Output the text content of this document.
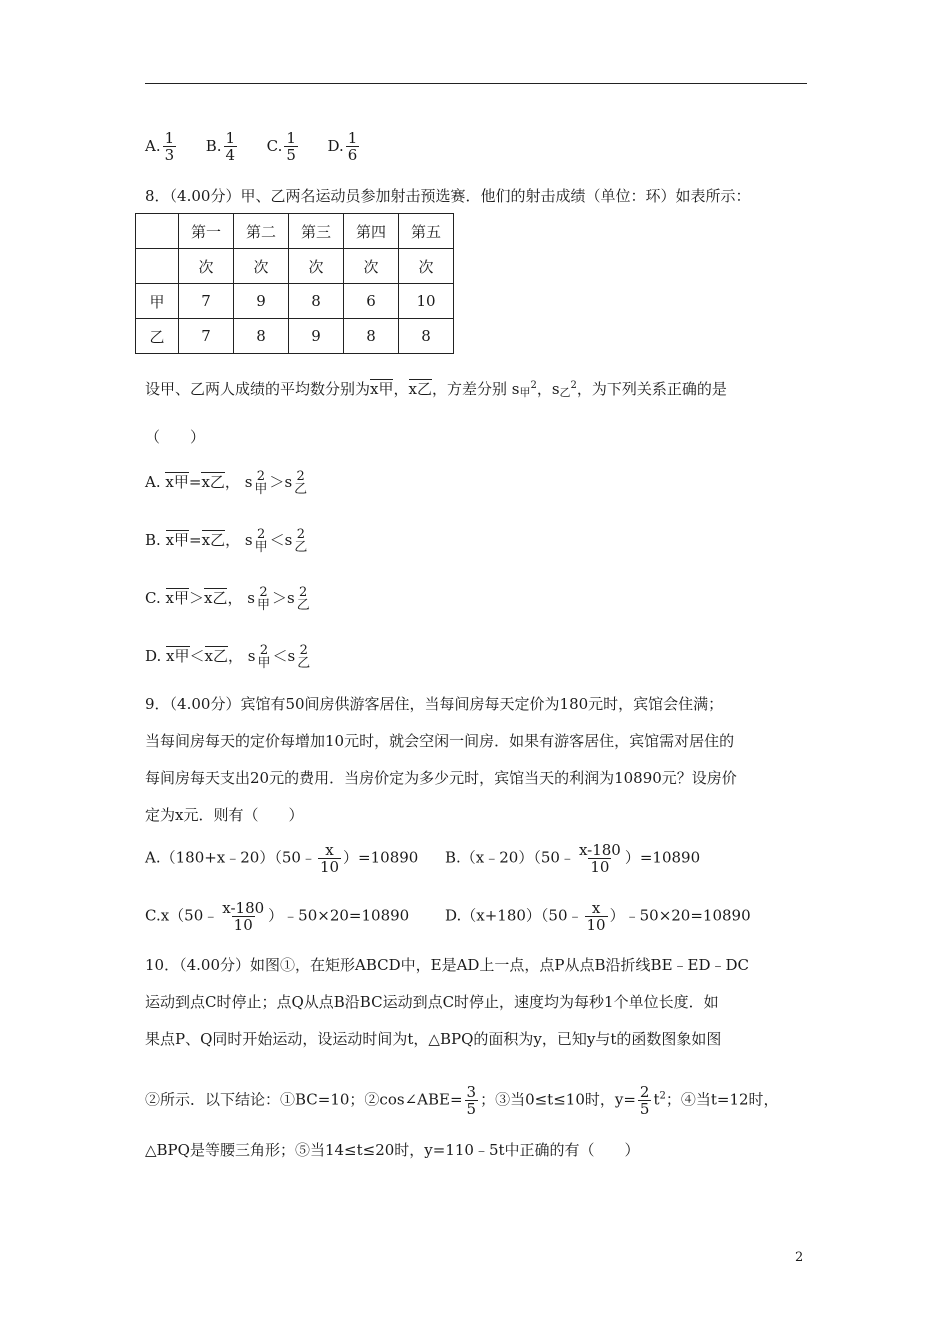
A. $\frac{1}{3} B$. $\frac{1}{4} C$. $\frac{1}{5} D$. $\frac{1}{6}$
8．（4.00分）甲、乙两名运动员参加射击预选赛．他们的射击成绩（单位：环）如表所示：
	第一	第二	第三	第四	第五
	次	次	次	次	次
甲	7	9	8	6	10
乙	7	8	9	8	8
设甲、乙两人成绩的平均数分别为x甲，x乙，方差分别 s甲$^2$，s乙$^2$，为下列关系正确的是
（　　）
A. x甲=x乙， s 2
甲 ＞s 2
乙
B. x甲=x乙， s 2
甲 ＜s 2
乙
C. x甲＞x乙， s 2
甲 ＞s 2
乙
D. x甲＜x乙， s 2
甲 ＜s 2
乙
9．（4.00分）宾馆有50间房供游客居住，当每间房每天定价为180元时，宾馆会住满；
当每间房每天的定价每增加10元时，就会空闲一间房．如果有游客居住，宾馆需对居住的
每间房每天支出20元的费用．当房价定为多少元时，宾馆当天的利润为10890元？设房价
定为x元．则有（　　）
A.（180+x﹣20）（50﹣ $\frac{x}{10} )=10890$ B.（x﹣20）（50﹣ $\frac{x-180}{10} )=10890$
C.x（50﹣ $\frac{x-180}{10}$ ）﹣50×20=10890 D.（x+180）（50﹣ $\frac{x}{10}$ ）﹣50×20=10890
10．（4.00分）如图①，在矩形ABCD中，E是AD上一点，点P从点B沿折线BE﹣ED﹣DC
运动到点C时停止；点Q从点B沿BC运动到点C时停止，速度均为每秒1个单位长度．如
果点P、Q同时开始运动，设运动时间为t，△BPQ的面积为y，已知y与t的函数图象如图
②所示．以下结论：①BC=10；②cos∠ABE= $\frac{3}{5}$ ；③当0≤t≤10时，$y= \frac{2}{5} t^2$；④当t=12时，
△BPQ是等腰三角形；⑤当14≤t≤20时，y=110﹣5t中正确的有（　　）
2
